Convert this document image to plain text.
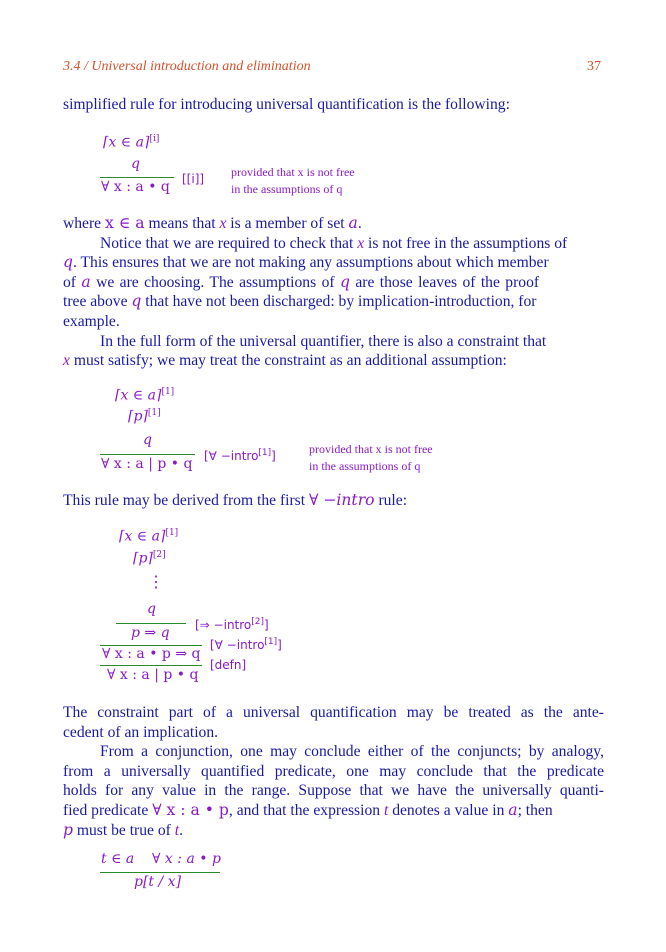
3.4 / Universal introduction and elimination	37
simplified rule for introducing universal quantification is the following:
⌈x ∈ a⌉[i]
q
∀ x : a • q [[i]] provided that x is not free
in the assumptions of q
where x ∈ a means that x is a member of set a.
Notice that we are required to check that x is not free in the assumptions of
q. This ensures that we are not making any assumptions about which member
of a we are choosing. The assumptions of q are those leaves of the proof
tree above q that have not been discharged: by implication-introduction, for
example.
In the full form of the universal quantifier, there is also a constraint that
x must satisfy; we may treat the constraint as an additional assumption:
⌈x ∈ a⌉[1]
⌈p⌉[1]
q
∀ x : a | p • q [∀ −intro[1]]	provided that x is not free
in the assumptions of q
This rule may be derived from the first ∀ −intro rule:
⌈x ∈ a⌉[1]
⌈p⌉[2]
⋮
q
[⇒ −intro[2]]
p ⇒ q
[∀ −intro[1]]
∀ x : a • p ⇒ q
[defn]
∀ x : a | p • q
The constraint part of a universal quantification may be treated as the ante-
cedent of an implication.
From a conjunction, one may conclude either of the conjuncts; by analogy,
from a universally quantified predicate, one may conclude that the predicate
holds for any value in the range. Suppose that we have the universally quanti-
fied predicate ∀ x : a • p, and that the expression t denotes a value in a; then
p must be true of t.
t ∈ a    ∀ x : a • p
p[t / x]
